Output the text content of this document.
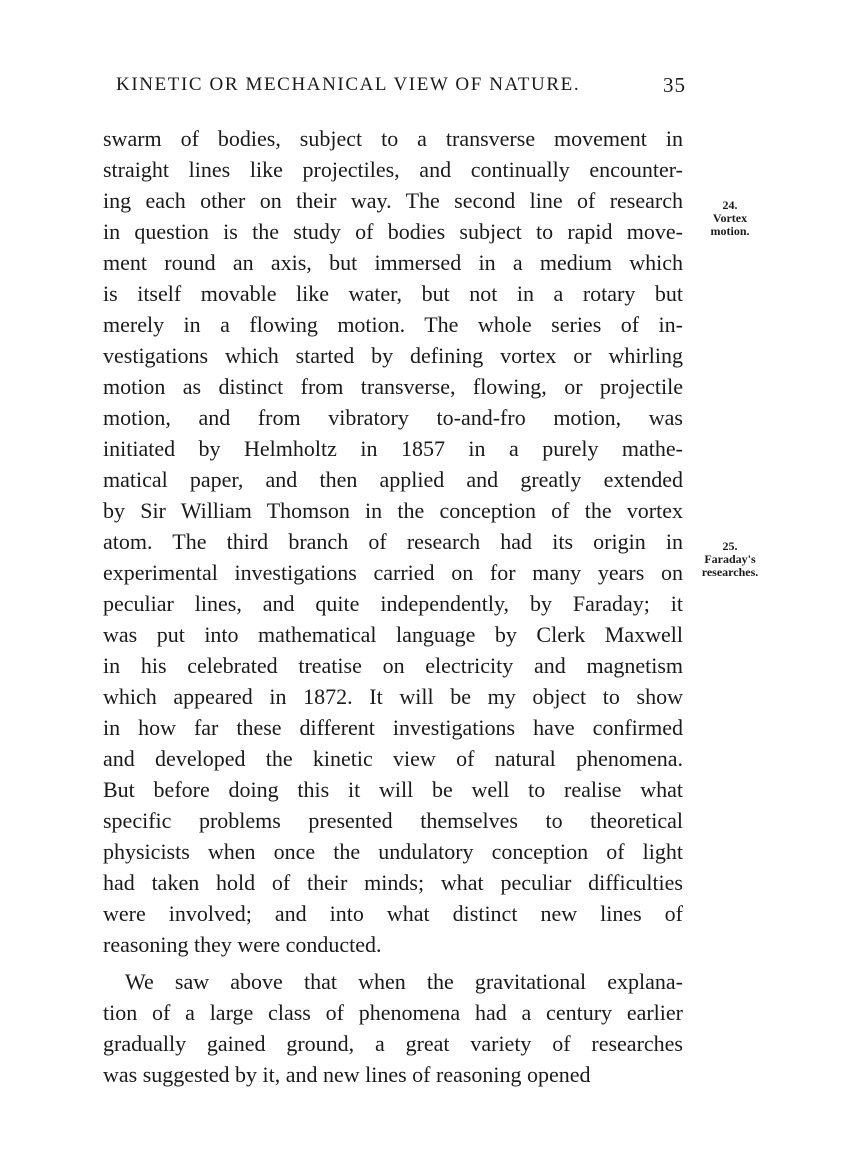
KINETIC OR MECHANICAL VIEW OF NATURE.	35
swarm of bodies, subject to a transverse movement in
straight lines like projectiles, and continually encounter-
ing each other on their way. The second line of research
in question is the study of bodies subject to rapid move-
ment round an axis, but immersed in a medium which
is itself movable like water, but not in a rotary but
merely in a flowing motion. The whole series of in-
vestigations which started by defining vortex or whirling
motion as distinct from transverse, flowing, or projectile
motion, and from vibratory to-and-fro motion, was
initiated by Helmholtz in 1857 in a purely mathe-
matical paper, and then applied and greatly extended
by Sir William Thomson in the conception of the vortex
atom. The third branch of research had its origin in
experimental investigations carried on for many years on
peculiar lines, and quite independently, by Faraday; it
was put into mathematical language by Clerk Maxwell
in his celebrated treatise on electricity and magnetism
which appeared in 1872. It will be my object to show
in how far these different investigations have confirmed
and developed the kinetic view of natural phenomena.
But before doing this it will be well to realise what
specific problems presented themselves to theoretical
physicists when once the undulatory conception of light
had taken hold of their minds; what peculiar difficulties
were involved; and into what distinct new lines of
reasoning they were conducted.
We saw above that when the gravitational explana-
tion of a large class of phenomena had a century earlier
gradually gained ground, a great variety of researches
was suggested by it, and new lines of reasoning opened
24.
Vortex
motion.
25.
Faraday's
researches.
